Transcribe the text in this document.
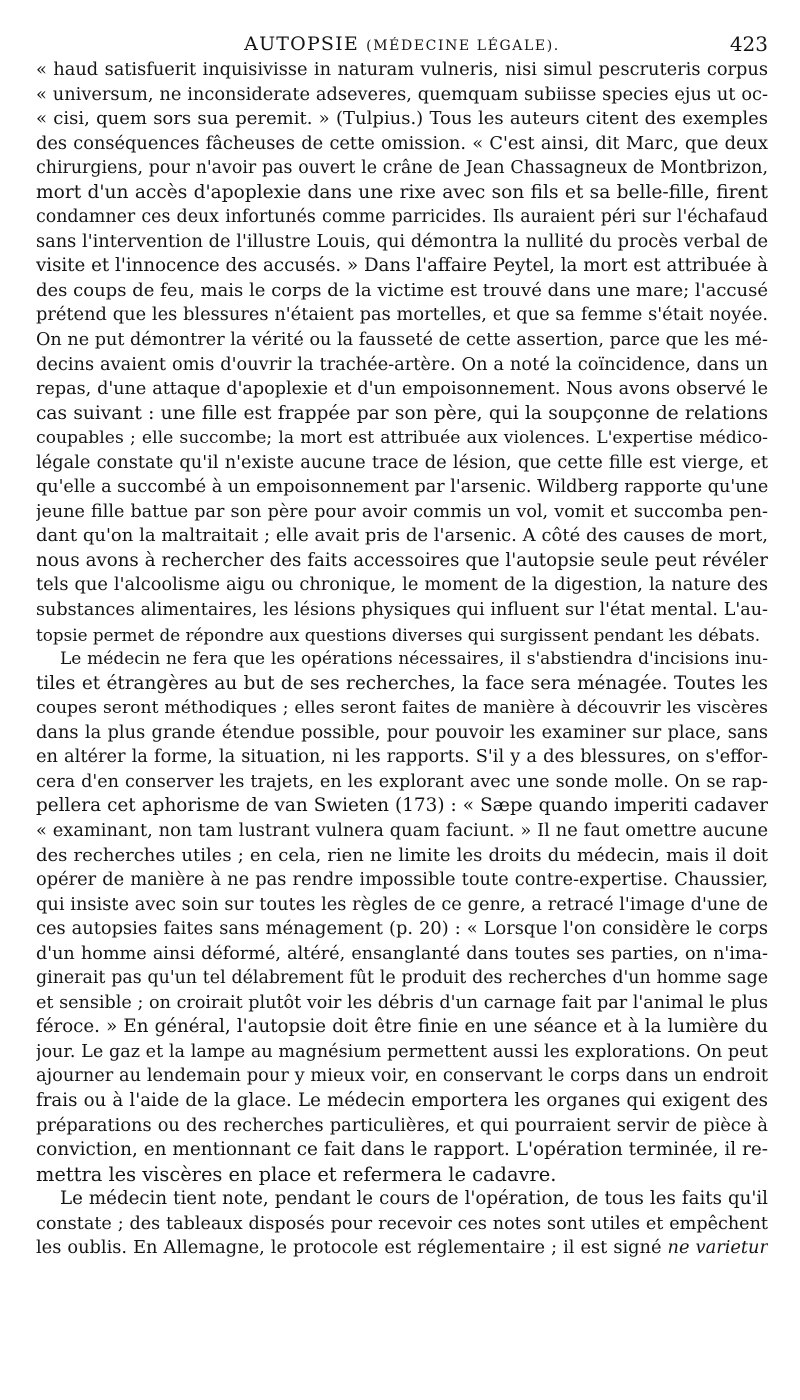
AUTOPSIE (MÉDECINE LÉGALE).	423
« haud satisfuerit inquisivisse in naturam vulneris, nisi simul pescruteris corpus
« universum, ne inconsiderate adseveres, quemquam subiisse species ejus ut oc-
« cisi, quem sors sua peremit. » (Tulpius.) Tous les auteurs citent des exemples
des conséquences fâcheuses de cette omission. « C'est ainsi, dit Marc, que deux
chirurgiens, pour n'avoir pas ouvert le crâne de Jean Chassagneux de Montbrizon,
mort d'un accès d'apoplexie dans une rixe avec son fils et sa belle-fille, firent
condamner ces deux infortunés comme parricides. Ils auraient péri sur l'échafaud
sans l'intervention de l'illustre Louis, qui démontra la nullité du procès verbal de
visite et l'innocence des accusés. » Dans l'affaire Peytel, la mort est attribuée à
des coups de feu, mais le corps de la victime est trouvé dans une mare; l'accusé
prétend que les blessures n'étaient pas mortelles, et que sa femme s'était noyée.
On ne put démontrer la vérité ou la fausseté de cette assertion, parce que les mé-
decins avaient omis d'ouvrir la trachée-artère. On a noté la coïncidence, dans un
repas, d'une attaque d'apoplexie et d'un empoisonnement. Nous avons observé le
cas suivant : une fille est frappée par son père, qui la soupçonne de relations
coupables ; elle succombe; la mort est attribuée aux violences. L'expertise médico-
légale constate qu'il n'existe aucune trace de lésion, que cette fille est vierge, et
qu'elle a succombé à un empoisonnement par l'arsenic. Wildberg rapporte qu'une
jeune fille battue par son père pour avoir commis un vol, vomit et succomba pen-
dant qu'on la maltraitait ; elle avait pris de l'arsenic. A côté des causes de mort,
nous avons à rechercher des faits accessoires que l'autopsie seule peut révéler
tels que l'alcoolisme aigu ou chronique, le moment de la digestion, la nature des
substances alimentaires, les lésions physiques qui influent sur l'état mental. L'au-
topsie permet de répondre aux questions diverses qui surgissent pendant les débats.
Le médecin ne fera que les opérations nécessaires, il s'abstiendra d'incisions inu-
tiles et étrangères au but de ses recherches, la face sera ménagée. Toutes les
coupes seront méthodiques ; elles seront faites de manière à découvrir les viscères
dans la plus grande étendue possible, pour pouvoir les examiner sur place, sans
en altérer la forme, la situation, ni les rapports. S'il y a des blessures, on s'effor-
cera d'en conserver les trajets, en les explorant avec une sonde molle. On se rap-
pellera cet aphorisme de van Swieten (173) : « Sæpe quando imperiti cadaver
« examinant, non tam lustrant vulnera quam faciunt. » Il ne faut omettre aucune
des recherches utiles ; en cela, rien ne limite les droits du médecin, mais il doit
opérer de manière à ne pas rendre impossible toute contre-expertise. Chaussier,
qui insiste avec soin sur toutes les règles de ce genre, a retracé l'image d'une de
ces autopsies faites sans ménagement (p. 20) : « Lorsque l'on considère le corps
d'un homme ainsi déformé, altéré, ensanglanté dans toutes ses parties, on n'ima-
ginerait pas qu'un tel délabrement fût le produit des recherches d'un homme sage
et sensible ; on croirait plutôt voir les débris d'un carnage fait par l'animal le plus
féroce. » En général, l'autopsie doit être finie en une séance et à la lumière du
jour. Le gaz et la lampe au magnésium permettent aussi les explorations. On peut
ajourner au lendemain pour y mieux voir, en conservant le corps dans un endroit
frais ou à l'aide de la glace. Le médecin emportera les organes qui exigent des
préparations ou des recherches particulières, et qui pourraient servir de pièce à
conviction, en mentionnant ce fait dans le rapport. L'opération terminée, il re-
mettra les viscères en place et refermera le cadavre.
Le médecin tient note, pendant le cours de l'opération, de tous les faits qu'il
constate ; des tableaux disposés pour recevoir ces notes sont utiles et empêchent
les oublis. En Allemagne, le protocole est réglementaire ; il est signé ne varietur
